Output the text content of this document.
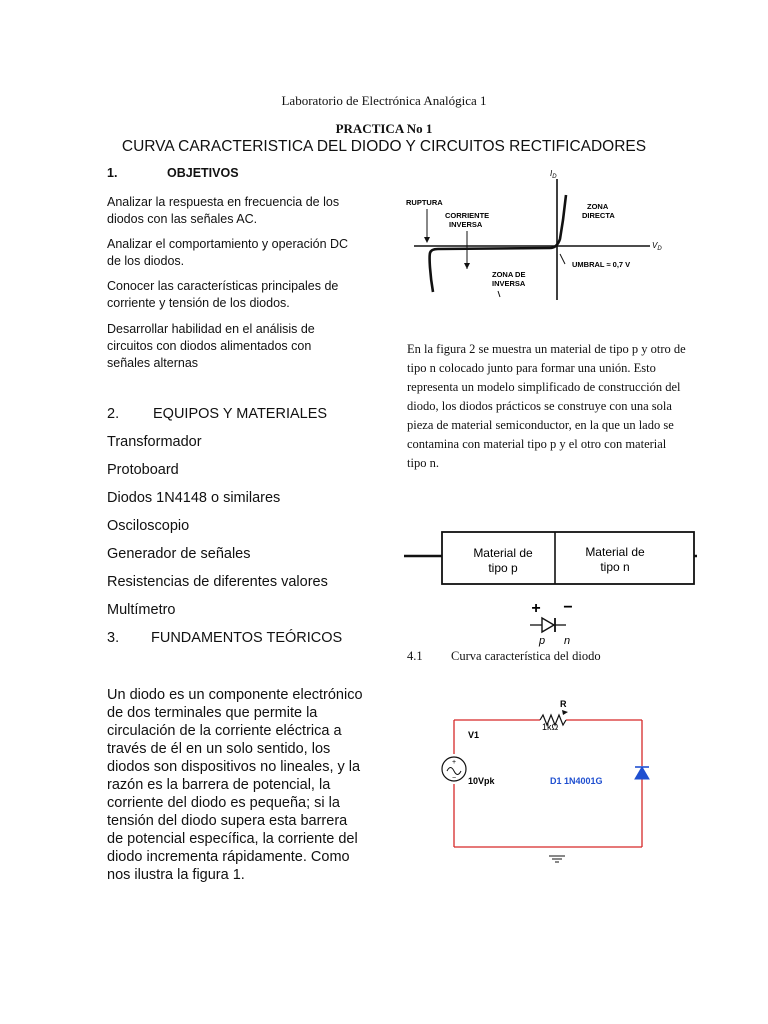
Laboratorio de Electrónica Analógica 1
PRACTICA No 1
CURVA CARACTERISTICA DEL DIODO Y CIRCUITOS RECTIFICADORES
1.	OBJETIVOS
Analizar la respuesta en frecuencia de los diodos con las señales AC.
Analizar el comportamiento y operación DC de los diodos.
Conocer las características principales de corriente y tensión de los diodos.
Desarrollar habilidad en el análisis de circuitos con diodos alimentados con señales alternas
2. EQUIPOS Y MATERIALES
Transformador
Protoboard
Diodos 1N4148 o similares
Osciloscopio
Generador de señales
Resistencias de diferentes valores
Multímetro
3. FUNDAMENTOS TEÓRICOS
Un diodo es un componente electrónico de dos terminales que permite la circulación de la corriente eléctrica a través de él en un solo sentido, los diodos son dispositivos no lineales, y la razón es la barrera de potencial, la corriente del diodo es pequeña; si la tensión del diodo supera esta barrera de potencial específica, la corriente del diodo incrementa rápidamente. Como nos ilustra la figura 1.
$I_D$
$V_D$
RUPTURA
CORRIENTE
INVERSA
ZONA
DIRECTA
UMBRAL ≈ 0,7 V
ZONA DE
INVERSA
En la figura 2 se muestra un material de tipo p y otro de tipo n colocado junto para formar una unión. Esto representa un modelo simplificado de construcción del diodo, los diodos prácticos se construye con una sola pieza de material semiconductor, en la que un lado se contamina con material tipo p y el otro con material tipo n.
Material de
tipo p
Material de
tipo n
+ −
p n
4.1 Curva característica del diodo
+
−
R
1kΩ
V1
10Vpk	D1 1N4001G
